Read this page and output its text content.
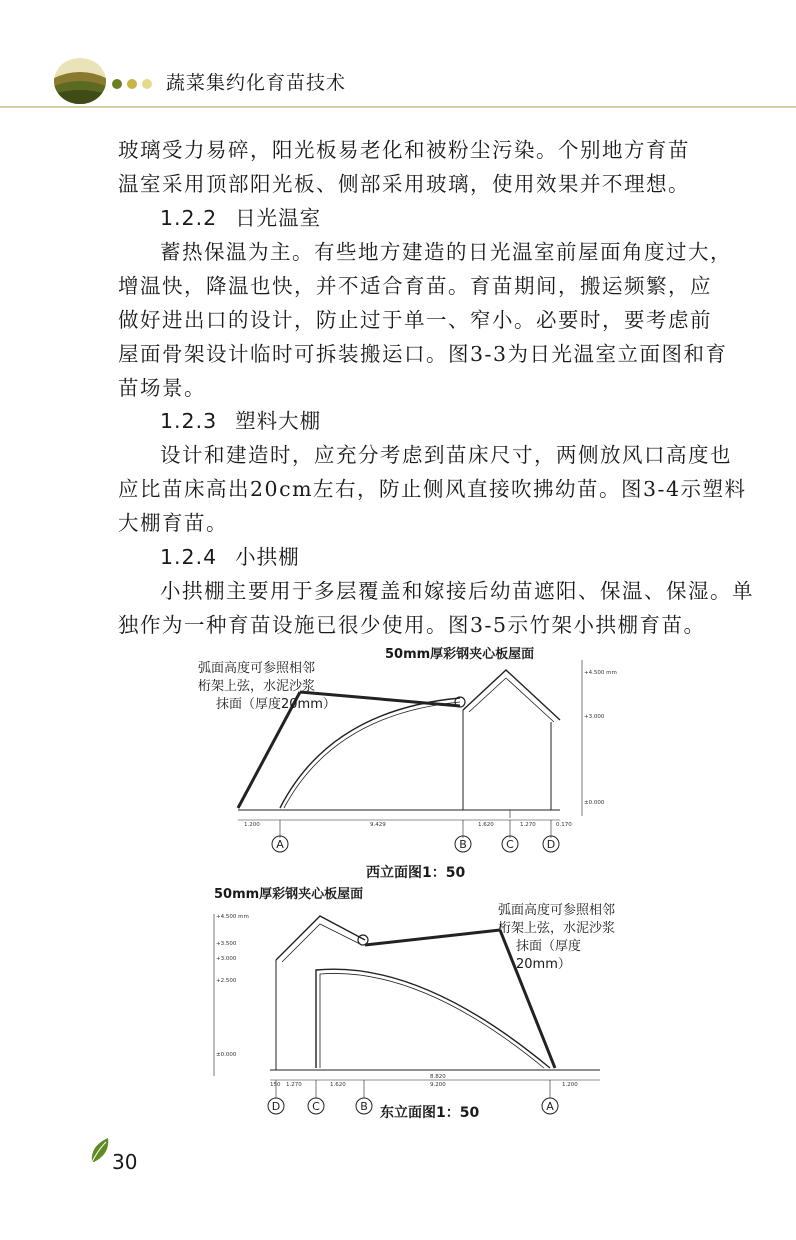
蔬菜集约化育苗技术
玻璃受力易碎，阳光板易老化和被粉尘污染。个别地方育苗
温室采用顶部阳光板、侧部采用玻璃，使用效果并不理想。
1.2.2 日光温室
蓄热保温为主。有些地方建造的日光温室前屋面角度过大，
增温快，降温也快，并不适合育苗。育苗期间，搬运频繁，应
做好进出口的设计，防止过于单一、窄小。必要时，要考虑前
屋面骨架设计临时可拆装搬运口。图3-3为日光温室立面图和育
苗场景。
1.2.3 塑料大棚
设计和建造时，应充分考虑到苗床尺寸，两侧放风口高度也
应比苗床高出20cm左右，防止侧风直接吹拂幼苗。图3-4示塑料
大棚育苗。
1.2.4 小拱棚
小拱棚主要用于多层覆盖和嫁接后幼苗遮阳、保温、保湿。单
独作为一种育苗设施已很少使用。图3-5示竹架小拱棚育苗。
A	B	C	D
D	C	B	A
+4.500 mm
+3.000
±0.000
1.200	9.429	1.620	1.270	0.170
+4.500 mm
+3.500
+3.000
+2.500
±0.000
150 1.270	1.620
8.820
9.200	1.200
50mm厚彩钢夹心板屋面
弧面高度可参照相邻
桁架上弦，水泥沙浆
抹面（厚度20mm）
西立面图1：50
50mm厚彩钢夹心板屋面
弧面高度可参照相邻
桁架上弦，水泥沙浆
抹面（厚度20mm）
东立面图1：50
30
